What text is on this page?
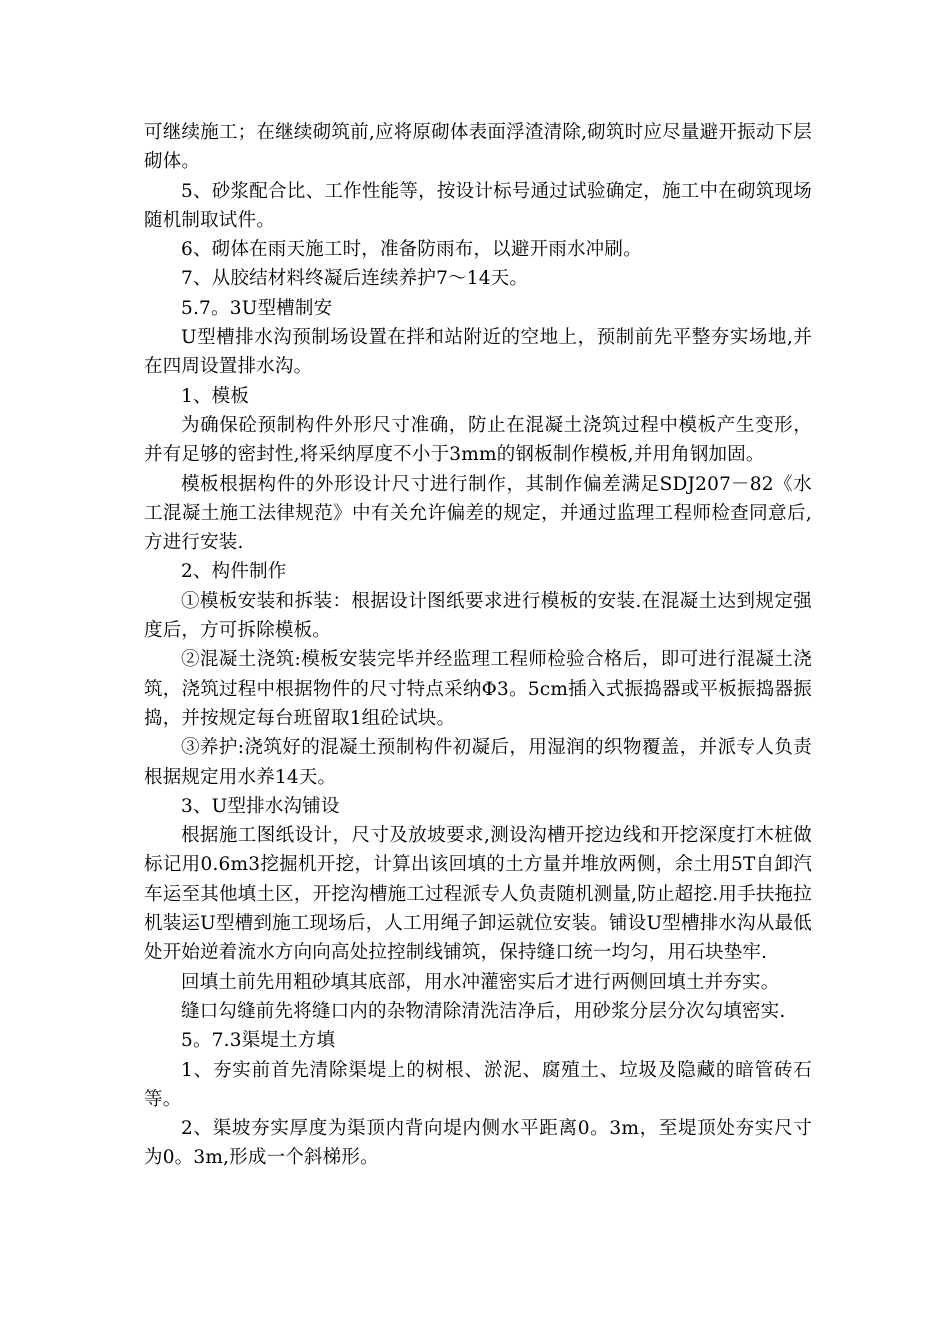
可继续施工；在继续砌筑前,应将原砌体表面浮渣清除,砌筑时应尽量避开振动下层砌体。

5、砂浆配合比、工作性能等，按设计标号通过试验确定，施工中在砌筑现场随机制取试件。

6、砌体在雨天施工时，准备防雨布，以避开雨水冲刷。

7、从胶结材料终凝后连续养护7～14天。

5.7。3U型槽制安

U型槽排水沟预制场设置在拌和站附近的空地上，预制前先平整夯实场地,并在四周设置排水沟。

1、模板

为确保砼预制构件外形尺寸准确，防止在混凝土浇筑过程中模板产生变形，并有足够的密封性,将采纳厚度不小于3mm的钢板制作模板,并用角钢加固。

模板根据构件的外形设计尺寸进行制作，其制作偏差满足SDJ207－82《水工混凝土施工法律规范》中有关允许偏差的规定，并通过监理工程师检查同意后,方进行安装.

2、构件制作

①模板安装和拆装：根据设计图纸要求进行模板的安装.在混凝土达到规定强度后，方可拆除模板。

②混凝土浇筑:模板安装完毕并经监理工程师检验合格后，即可进行混凝土浇筑，浇筑过程中根据物件的尺寸特点采纳Φ3。5cm插入式振捣器或平板振捣器振捣，并按规定每台班留取1组砼试块。

③养护:浇筑好的混凝土预制构件初凝后，用湿润的织物覆盖，并派专人负责根据规定用水养14天。

3、U型排水沟铺设

根据施工图纸设计，尺寸及放坡要求,测设沟槽开挖边线和开挖深度打木桩做标记用0.6m3挖掘机开挖，计算出该回填的土方量并堆放两侧，余土用5T自卸汽车运至其他填土区，开挖沟槽施工过程派专人负责随机测量,防止超挖.用手扶拖拉机装运U型槽到施工现场后，人工用绳子卸运就位安装。铺设U型槽排水沟从最低处开始逆着流水方向向高处拉控制线铺筑，保持缝口统一均匀，用石块垫牢.

回填土前先用粗砂填其底部，用水冲灌密实后才进行两侧回填土并夯实。

缝口勾缝前先将缝口内的杂物清除清洗洁净后，用砂浆分层分次勾填密实.

5。7.3渠堤土方填

1、夯实前首先清除渠堤上的树根、淤泥、腐殖土、垃圾及隐藏的暗管砖石等。

2、渠坡夯实厚度为渠顶内背向堤内侧水平距离0。3m，至堤顶处夯实尺寸为0。3m,形成一个斜梯形。
